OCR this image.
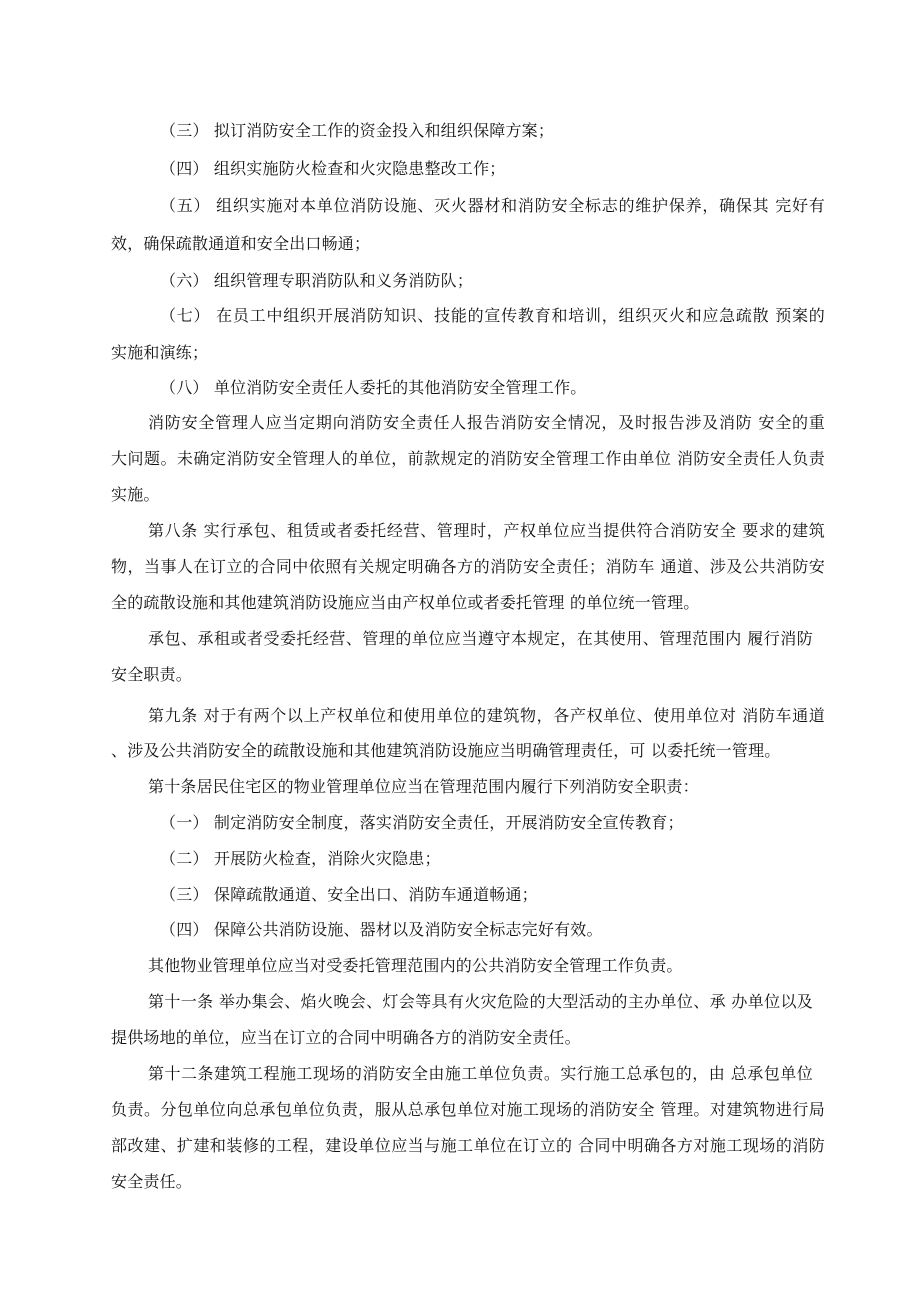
（三） 拟订消防安全工作的资金投入和组织保障方案；
（四） 组织实施防火检查和火灾隐患整改工作；
（五） 组织实施对本单位消防设施、灭火器材和消防安全标志的维护保养，确保其 完好有
效，确保疏散通道和安全出口畅通；
（六） 组织管理专职消防队和义务消防队；
（七） 在员工中组织开展消防知识、技能的宣传教育和培训，组织灭火和应急疏散 预案的
实施和演练；
（八） 单位消防安全责任人委托的其他消防安全管理工作。
消防安全管理人应当定期向消防安全责任人报告消防安全情况，及时报告涉及消防 安全的重
大问题。未确定消防安全管理人的单位，前款规定的消防安全管理工作由单位 消防安全责任人负责
实施。
第八条 实行承包、租赁或者委托经营、管理时，产权单位应当提供符合消防安全 要求的建筑
物，当事人在订立的合同中依照有关规定明确各方的消防安全责任；消防车 通道、涉及公共消防安
全的疏散设施和其他建筑消防设施应当由产权单位或者委托管理 的单位统一管理。
承包、承租或者受委托经营、管理的单位应当遵守本规定，在其使用、管理范围内 履行消防
安全职责。
第九条 对于有两个以上产权单位和使用单位的建筑物，各产权单位、使用单位对 消防车通道
、涉及公共消防安全的疏散设施和其他建筑消防设施应当明确管理责任，可 以委托统一管理。
第十条居民住宅区的物业管理单位应当在管理范围内履行下列消防安全职责：
（一） 制定消防安全制度，落实消防安全责任，开展消防安全宣传教育；
（二） 开展防火检查，消除火灾隐患；
（三） 保障疏散通道、安全出口、消防车通道畅通；
（四） 保障公共消防设施、器材以及消防安全标志完好有效。
其他物业管理单位应当对受委托管理范围内的公共消防安全管理工作负责。
第十一条 举办集会、焰火晚会、灯会等具有火灾危险的大型活动的主办单位、承 办单位以及
提供场地的单位，应当在订立的合同中明确各方的消防安全责任。
第十二条建筑工程施工现场的消防安全由施工单位负责。实行施工总承包的，由 总承包单位
负责。分包单位向总承包单位负责，服从总承包单位对施工现场的消防安全 管理。对建筑物进行局
部改建、扩建和装修的工程，建设单位应当与施工单位在订立的 合同中明确各方对施工现场的消防
安全责任。
